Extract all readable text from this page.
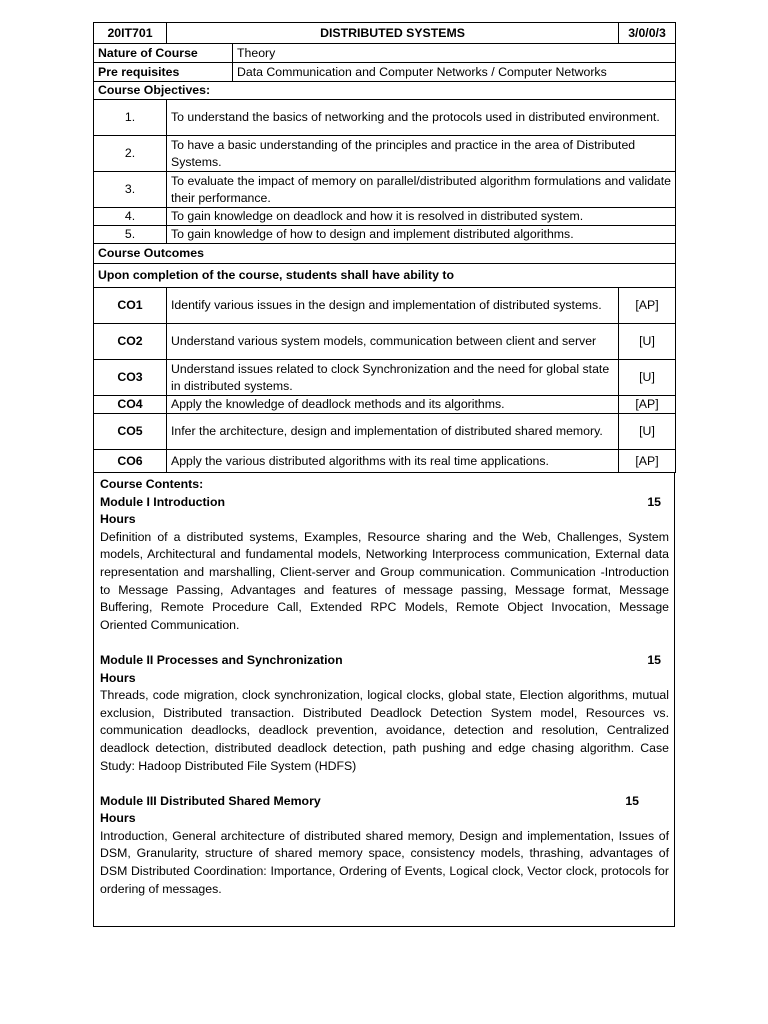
20IT701	DISTRIBUTED SYSTEMS		3/0/0/3
Nature of Course		Theory	
Pre requisites		Data Communication and Computer Networks / Computer Networks	
Course Objectives:			
1.	To understand the basics of networking and the protocols used in distributed environment.		
2.	To have a basic understanding of the principles and practice in the area of Distributed Systems.		
3.	To evaluate the impact of memory on parallel/distributed algorithm formulations and validate their performance.		
4.	To gain knowledge on deadlock and how it is resolved in distributed system.		
5.	To gain knowledge of how to design and implement distributed algorithms.		
Course Outcomes			
Upon completion of the course, students shall have ability to			
CO1	Identify various issues in the design and implementation of distributed systems.		[AP]
CO2	Understand various system models, communication between client and server		[U]
CO3	Understand issues related to clock Synchronization and the need for global state in distributed systems.		[U]
CO4	Apply the knowledge of deadlock methods and its algorithms.		[AP]
CO5	Infer the architecture, design and implementation of distributed shared memory.		[U]
CO6	Apply the various distributed algorithms with its real time applications.		[AP]
Course Contents:
Module I Introduction	15
Hours

Definition of a distributed systems, Examples, Resource sharing and the Web, Challenges, System models, Architectural and fundamental models, Networking Interprocess communication, External data representation and marshalling, Client-server and Group communication. Communication -Introduction to Message Passing, Advantages and features of message passing, Message format, Message Buffering, Remote Procedure Call, Extended RPC Models, Remote Object Invocation, Message Oriented Communication.

Module II Processes and Synchronization	15
Hours

Threads, code migration, clock synchronization, logical clocks, global state, Election algorithms, mutual exclusion, Distributed transaction. Distributed Deadlock Detection System model, Resources vs. communication deadlocks, deadlock prevention, avoidance, detection and resolution, Centralized deadlock detection, distributed deadlock detection, path pushing and edge chasing algorithm. Case Study: Hadoop Distributed File System (HDFS)

Module III Distributed Shared Memory	15
Hours

Introduction, General architecture of distributed shared memory, Design and implementation, Issues of DSM, Granularity, structure of shared memory space, consistency models, thrashing, advantages of DSM Distributed Coordination: Importance, Ordering of Events, Logical clock, Vector clock, protocols for ordering of messages.
